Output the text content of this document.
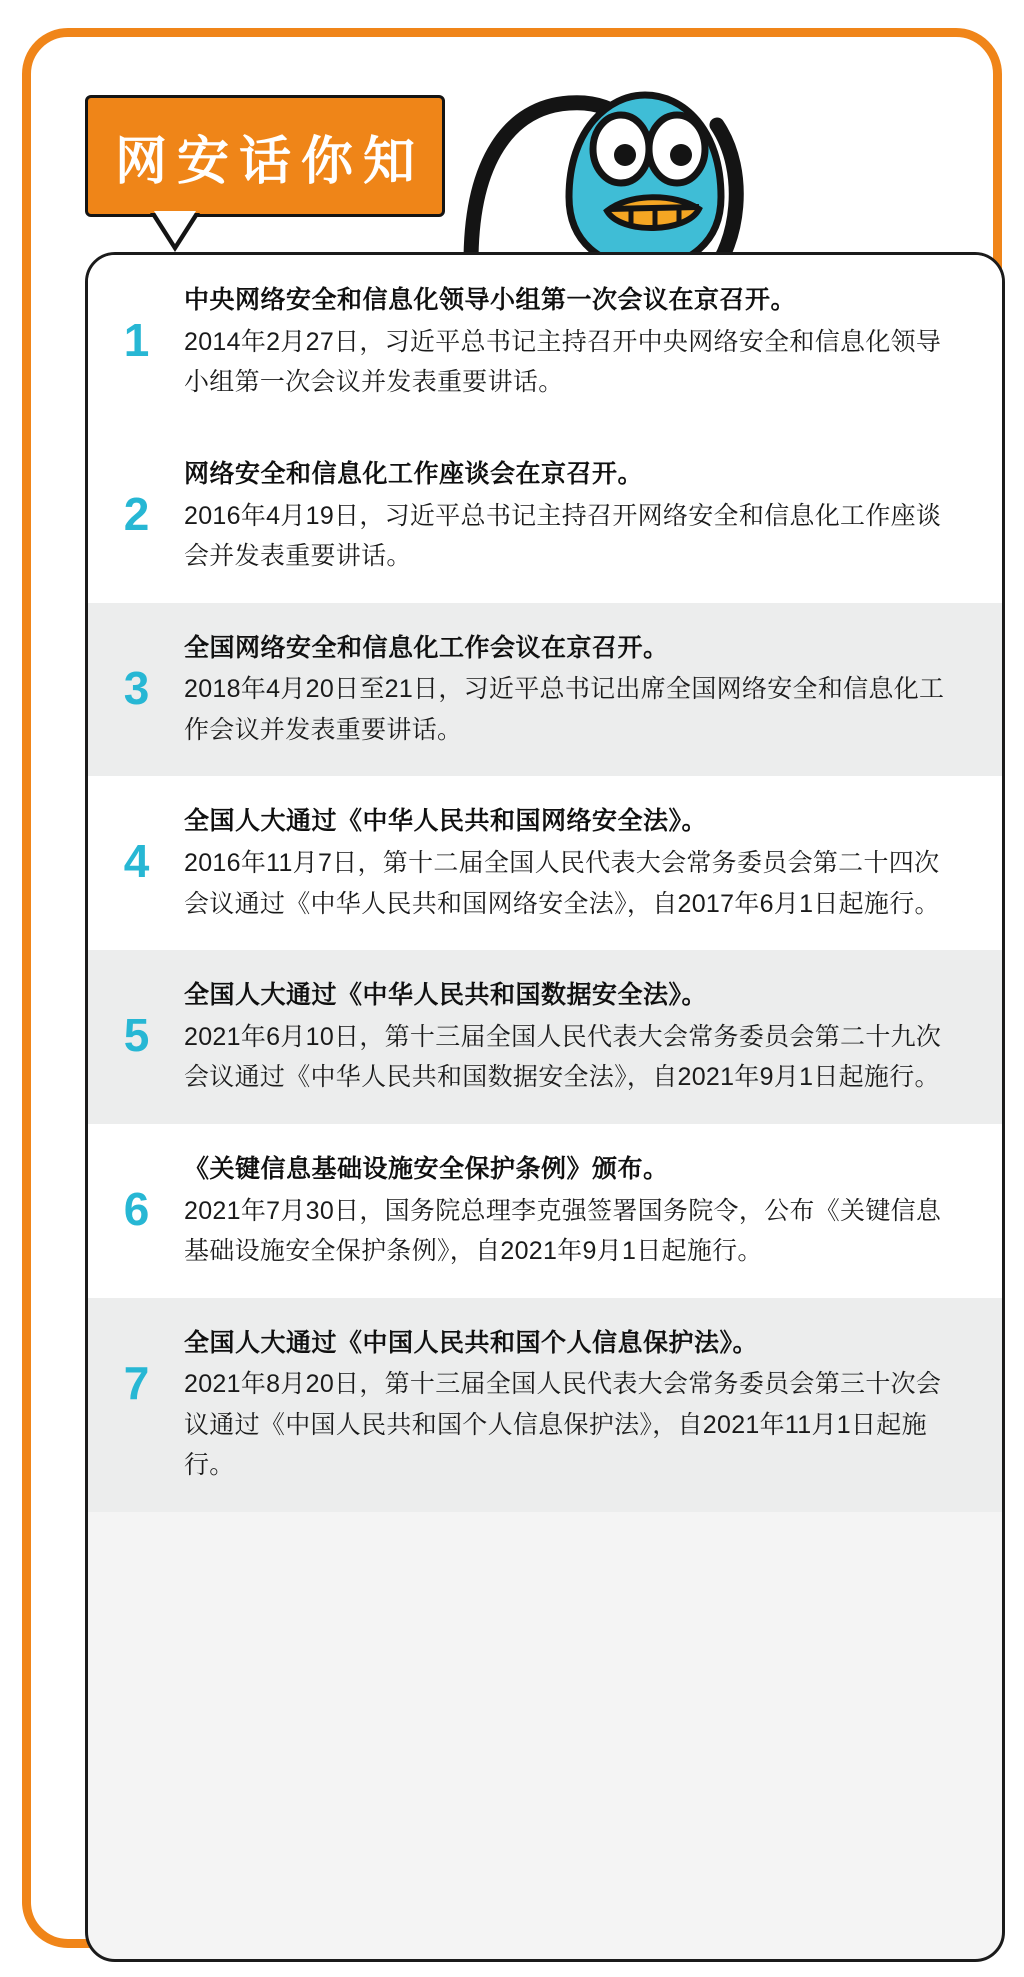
网安话你知
1
中央网络安全和信息化领导小组第一次会议在京召开。
2014年2月27日，习近平总书记主持召开中央网络安全和信息化领导小组第一次会议并发表重要讲话。
2
网络安全和信息化工作座谈会在京召开。
2016年4月19日，习近平总书记主持召开网络安全和信息化工作座谈会并发表重要讲话。
3
全国网络安全和信息化工作会议在京召开。
2018年4月20日至21日，习近平总书记出席全国网络安全和信息化工作会议并发表重要讲话。
4
全国人大通过《中华人民共和国网络安全法》。
2016年11月7日，第十二届全国人民代表大会常务委员会第二十四次会议通过《中华人民共和国网络安全法》，自2017年6月1日起施行。
5
全国人大通过《中华人民共和国数据安全法》。
2021年6月10日，第十三届全国人民代表大会常务委员会第二十九次会议通过《中华人民共和国数据安全法》，自2021年9月1日起施行。
6
《关键信息基础设施安全保护条例》颁布。
2021年7月30日，国务院总理李克强签署国务院令，公布《关键信息基础设施安全保护条例》，自2021年9月1日起施行。
7
全国人大通过《中国人民共和国个人信息保护法》。
2021年8月20日，第十三届全国人民代表大会常务委员会第三十次会议通过《中国人民共和国个人信息保护法》，自2021年11月1日起施行。
